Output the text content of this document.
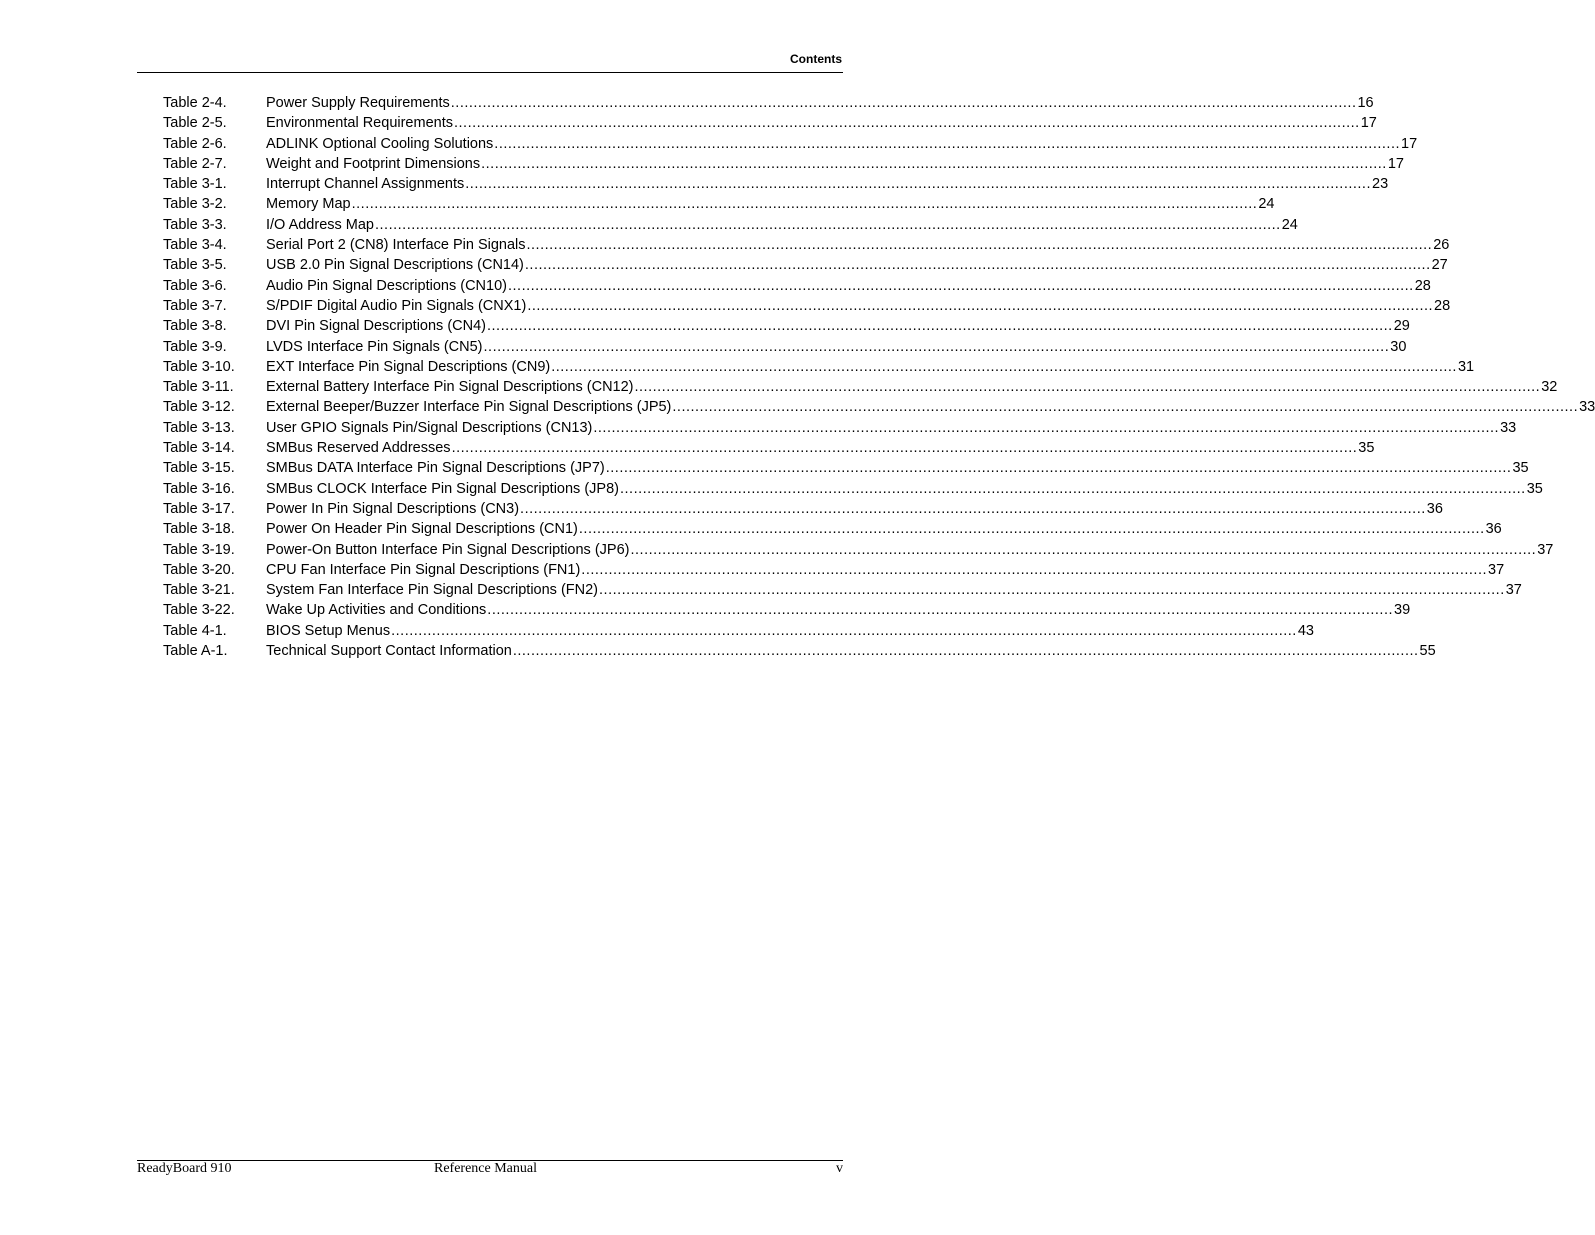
Contents
Table 2-4.	Power Supply Requirements ........................................................................................................................................................................................................ 16
Table 2-5.	Environmental Requirements ........................................................................................................................................................................................................ 17
Table 2-6.	ADLINK Optional Cooling Solutions ........................................................................................................................................................................................................ 17
Table 2-7.	Weight and Footprint Dimensions ........................................................................................................................................................................................................ 17
Table 3-1.	Interrupt Channel Assignments ........................................................................................................................................................................................................ 23
Table 3-2.	Memory Map ........................................................................................................................................................................................................ 24
Table 3-3.	I/O Address Map ........................................................................................................................................................................................................ 24
Table 3-4.	Serial Port 2 (CN8) Interface Pin Signals ........................................................................................................................................................................................................ 26
Table 3-5.	USB 2.0 Pin Signal Descriptions (CN14) ........................................................................................................................................................................................................ 27
Table 3-6.	Audio Pin Signal Descriptions (CN10) ........................................................................................................................................................................................................ 28
Table 3-7.	S/PDIF Digital Audio Pin Signals (CNX1) ........................................................................................................................................................................................................ 28
Table 3-8.	DVI Pin Signal Descriptions (CN4) ........................................................................................................................................................................................................ 29
Table 3-9.	LVDS Interface Pin Signals (CN5) ........................................................................................................................................................................................................ 30
Table 3-10.	EXT Interface Pin Signal Descriptions (CN9) ........................................................................................................................................................................................................ 31
Table 3-11.	External Battery Interface Pin Signal Descriptions (CN12) ........................................................................................................................................................................................................ 32
Table 3-12.	External Beeper/Buzzer Interface Pin Signal Descriptions (JP5) ........................................................................................................................................................................................................ 33
Table 3-13.	User GPIO Signals Pin/Signal Descriptions (CN13) ........................................................................................................................................................................................................ 33
Table 3-14.	SMBus Reserved Addresses ........................................................................................................................................................................................................ 35
Table 3-15.	SMBus DATA Interface Pin Signal Descriptions (JP7) ........................................................................................................................................................................................................ 35
Table 3-16.	SMBus CLOCK Interface Pin Signal Descriptions (JP8) ........................................................................................................................................................................................................ 35
Table 3-17.	Power In Pin Signal Descriptions (CN3) ........................................................................................................................................................................................................ 36
Table 3-18.	Power On Header Pin Signal Descriptions (CN1) ........................................................................................................................................................................................................ 36
Table 3-19.	Power-On Button Interface Pin Signal Descriptions (JP6) ........................................................................................................................................................................................................ 37
Table 3-20.	CPU Fan Interface Pin Signal Descriptions (FN1) ........................................................................................................................................................................................................ 37
Table 3-21.	System Fan Interface Pin Signal Descriptions (FN2) ........................................................................................................................................................................................................ 37
Table 3-22.	Wake Up Activities and Conditions ........................................................................................................................................................................................................ 39
Table 4-1.	BIOS Setup Menus ........................................................................................................................................................................................................ 43
Table A-1.	Technical Support Contact Information ........................................................................................................................................................................................................ 55
ReadyBoard 910	Reference Manual	v
